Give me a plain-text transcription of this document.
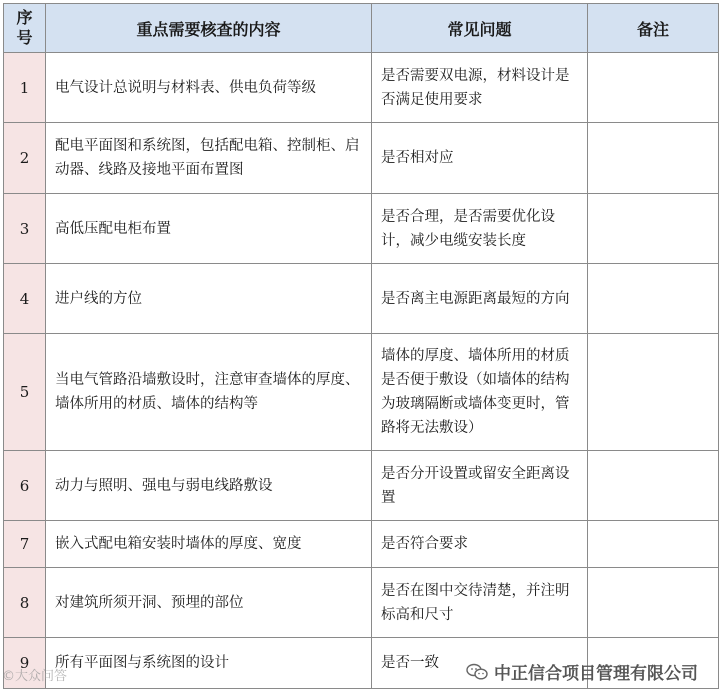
序
号	重点需要核查的内容	常见问题	备注
1	电气设计总说明与材料表、供电负荷等级	是否需要双电源，材料设计是否满足使用要求	
2	配电平面图和系统图，包括配电箱、控制柜、启动器、线路及接地平面布置图	是否相对应	
3	高低压配电柜布置	是否合理，是否需要优化设计，减少电缆安装长度	
4	进户线的方位	是否离主电源距离最短的方向	
5	当电气管路沿墙敷设时，注意审查墙体的厚度、墙体所用的材质、墙体的结构等	墙体的厚度、墙体所用的材质是否便于敷设（如墙体的结构为玻璃隔断或墙体变更时，管路将无法敷设）	
6	动力与照明、强电与弱电线路敷设	是否分开设置或留安全距离设置	
7	嵌入式配电箱安装时墙体的厚度、宽度	是否符合要求	
8	对建筑所须开洞、预埋的部位	是否在图中交待清楚，并注明标高和尺寸	
9	所有平面图与系统图的设计	是否一致	
©大众问答	中正信合项目管理有限公司
